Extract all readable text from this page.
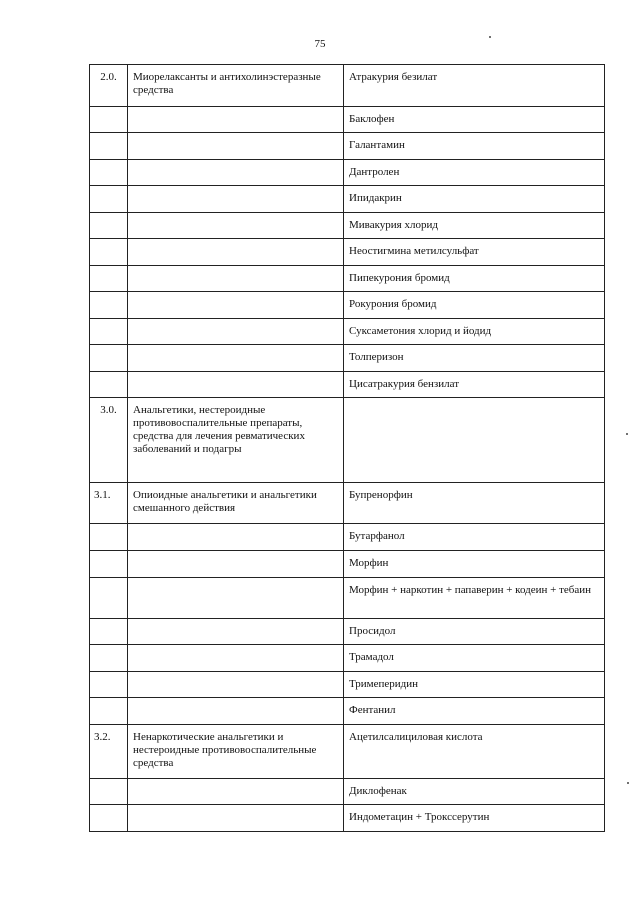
75
2.0.	Миорелаксанты и антихолинэстеразные средства	Атракурия безилат
		Баклофен
		Галантамин
		Дантролен
		Ипидакрин
		Мивакурия хлорид
		Неостигмина метилсульфат
		Пипекурония бромид
		Рокурония бромид
		Суксаметония хлорид и йодид
		Толперизон
		Цисатракурия бензилат
3.0.	Анальгетики, нестероидные противовоспалительные препараты, средства для лечения ревматических заболеваний и подагры	
3.1.	Опиоидные анальгетики и анальгетики смешанного действия	Бупренорфин
		Бутарфанол
		Морфин
		Морфин + наркотин + папаверин + кодеин + тебаин
		Просидол
		Трамадол
		Тримеперидин
		Фентанил
3.2.	Ненаркотические анальгетики и нестероидные противовоспалительные средства	Ацетилсалициловая кислота
		Диклофенак
		Индометацин + Трокссерутин
